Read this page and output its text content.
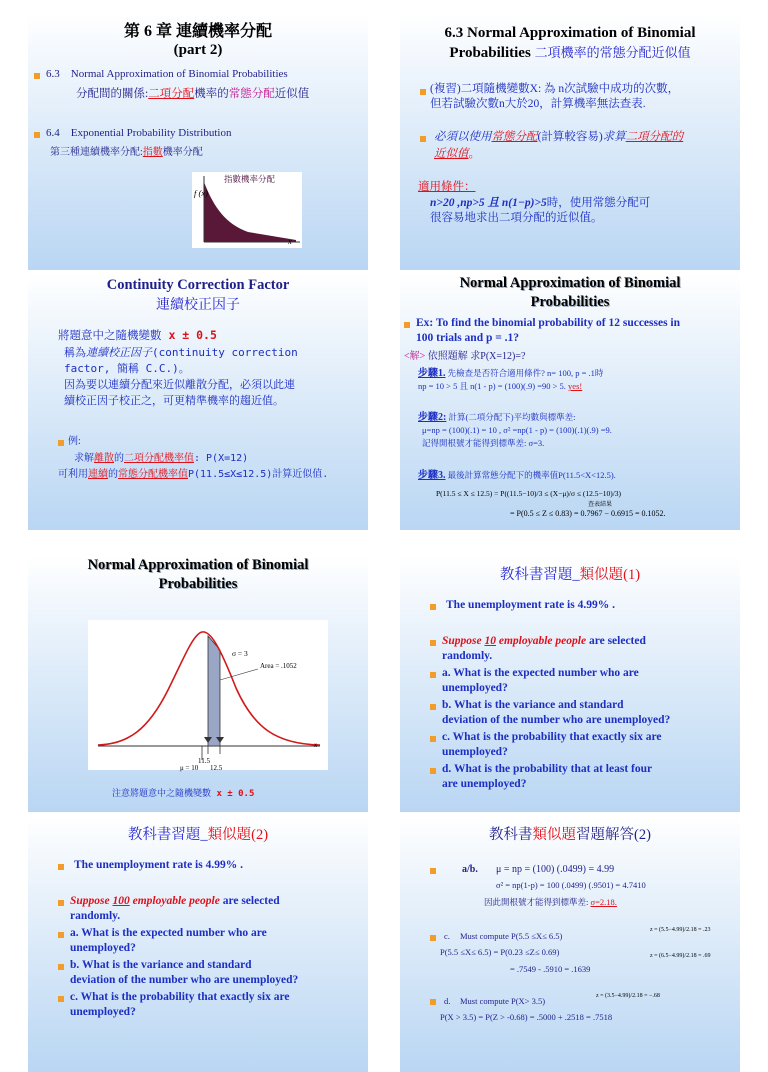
第 6 章 連續機率分配
(part 2)
6.3 Normal Approximation of Binomial Probabilities
分配間的關係:二項分配機率的常態分配近似值
6.4 Exponential Probability Distribution
第三種連續機率分配:指數機率分配
指數機率分配
f (x)
x
6.3 Normal Approximation of Binomial
Probabilities 二項機率的常態分配近似值
(複習)二項隨機變數X: 為 n次試驗中成功的次數，
但若試驗次數n大於20，計算機率無法查表.
必須以使用常態分配(計算較容易)求算二項分配的
近似值。
適用條件：
n>20 ,np>5 且 n(1−p)>5時，使用常態分配可
很容易地求出二項分配的近似值。
Continuity Correction Factor
連續校正因子
將題意中之隨機變數 x ± 0.5
稱為連續校正因子(continuity correction
factor, 簡稱 C.C.)。
因為要以連續分配來近似離散分配，必須以此連
續校正因子校正之，可更精準機率的趨近值。
例:
求解離散的二項分配機率值: P(X=12)
可利用連續的常態分配機率值P(11.5≤X≤12.5)計算近似值.
Normal Approximation of Binomial
Probabilities
Ex: To find the binomial probability of 12 successes in
100 trials and p = .1?
<解> 依照題解 求P(X=12)=?
步驟1. 先檢查是否符合適用條件? n= 100, p = .1時
np = 10 > 5 且 n(1 - p) = (100)(.9) =90 > 5. yes!
步驟2: 計算(二項分配下)平均數與標準差:
μ=np = (100)(.1) = 10 , σ² =np(1 - p) = (100)(.1)(.9) =9.
記得開根號才能得到標準差: σ=3.
步驟3. 最後計算常態分配下的機率值P(11.5<X<12.5).
P(11.5 ≤ X ≤ 12.5) = P((11.5−10)/3 ≤ (X−μ)/σ ≤ (12.5−10)/3)
查表結果
= P(0.5 ≤ Z ≤ 0.83) = 0.7967 − 0.6915 = 0.1052.
Normal Approximation of Binomial
Probabilities
σ = 3
Area = .1052
11.5
12.5
μ = 10
x
注意將題意中之隨機變數 x ± 0.5
教科書習題_類似題(1)
The unemployment rate is 4.99% .
Suppose 10 employable people are selected
randomly.
a. What is the expected number who are
unemployed?
b. What is the variance and standard
deviation of the number who are unemployed?
c. What is the probability that exactly six are
unemployed?
d. What is the probability that at least four
are unemployed?
教科書習題_類似題(2)
The unemployment rate is 4.99% .
Suppose 100 employable people are selected
randomly.
a. What is the expected number who are
unemployed?
b. What is the variance and standard
deviation of the number who are unemployed?
c. What is the probability that exactly six are
unemployed?
教科書類似題習題解答(2)
a/b. μ = np = (100) (.0499) = 4.99
σ² = np(1-p) = 100 (.0499) (.9501) = 4.7410
因此開根號才能得到標準差: σ=2.18.
c. Must compute P(5.5 ≤X≤ 6.5)
z = (5.5−4.99)/2.18 = .23
z = (6.5−4.99)/2.18 = .69
P(5.5 ≤X≤ 6.5) = P(0.23 ≤Z≤ 0.69)
= .7549 - .5910 = .1639
d. Must compute P(X> 3.5)	z = (3.5−4.99)/2.18 = −.68
P(X > 3.5) = P(Z > -0.68) = .5000 + .2518 = .7518
